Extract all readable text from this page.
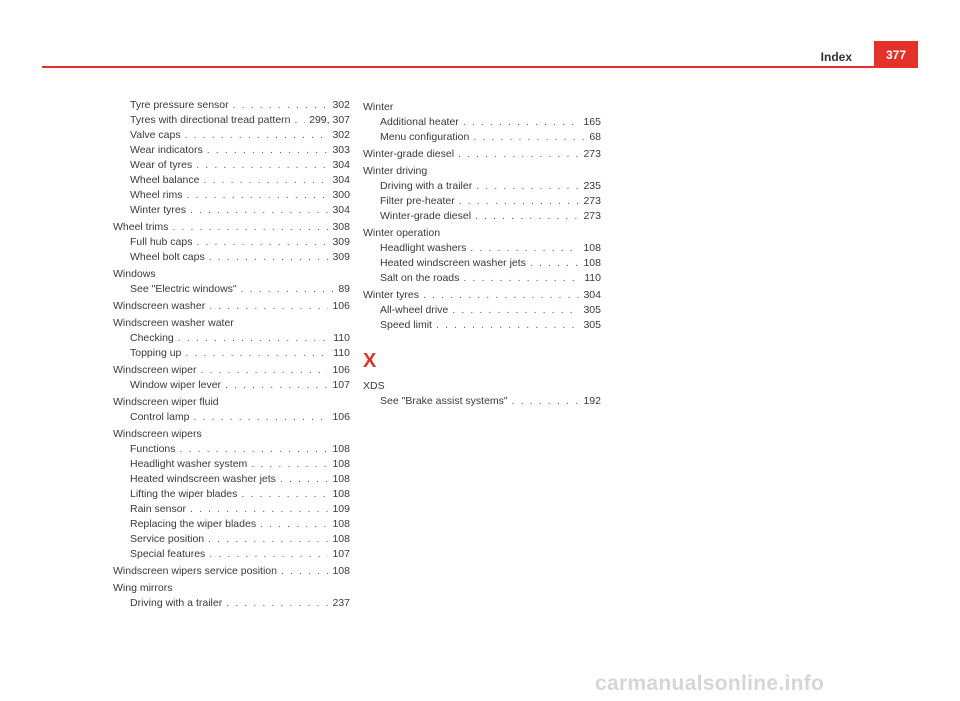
Index	377
Tyre pressure sensor . . .	302
Tyres with directional tread pattern . . . 299, 307
Valve caps . . .	302
Wear indicators . . .	303
Wear of tyres . . .	304
Wheel balance . . .	304
Wheel rims . . .	300
Winter tyres . . .	304
Wheel trims . . .	308
Full hub caps . . .	309
Wheel bolt caps . . .	309
Windows
See "Electric windows" . . .	89
Windscreen washer . . .	106
Windscreen washer water
Checking . . .	110
Topping up . . .	110
Windscreen wiper . . .	106
Window wiper lever . . .	107
Windscreen wiper fluid
Control lamp . . .	106
Windscreen wipers
Functions . . .	108
Headlight washer system . . .	108
Heated windscreen washer jets . . .	108
Lifting the wiper blades . . .	108
Rain sensor . . .	109
Replacing the wiper blades . . .	108
Service position . . .	108
Special features . . .	107
Windscreen wipers service position . . .	108
Wing mirrors
Driving with a trailer . . .	237
Winter
Additional heater . . .	165
Menu configuration . . .	68
Winter-grade diesel . . .	273
Winter driving
Driving with a trailer . . .	235
Filter pre-heater . . .	273
Winter-grade diesel . . .	273
Winter operation
Headlight washers . . .	108
Heated windscreen washer jets . . .	108
Salt on the roads . . .	110
Winter tyres . . .	304
All-wheel drive . . .	305
Speed limit . . .	305
X
XDS
See "Brake assist systems" . . .	192
carmanualsonline.info
